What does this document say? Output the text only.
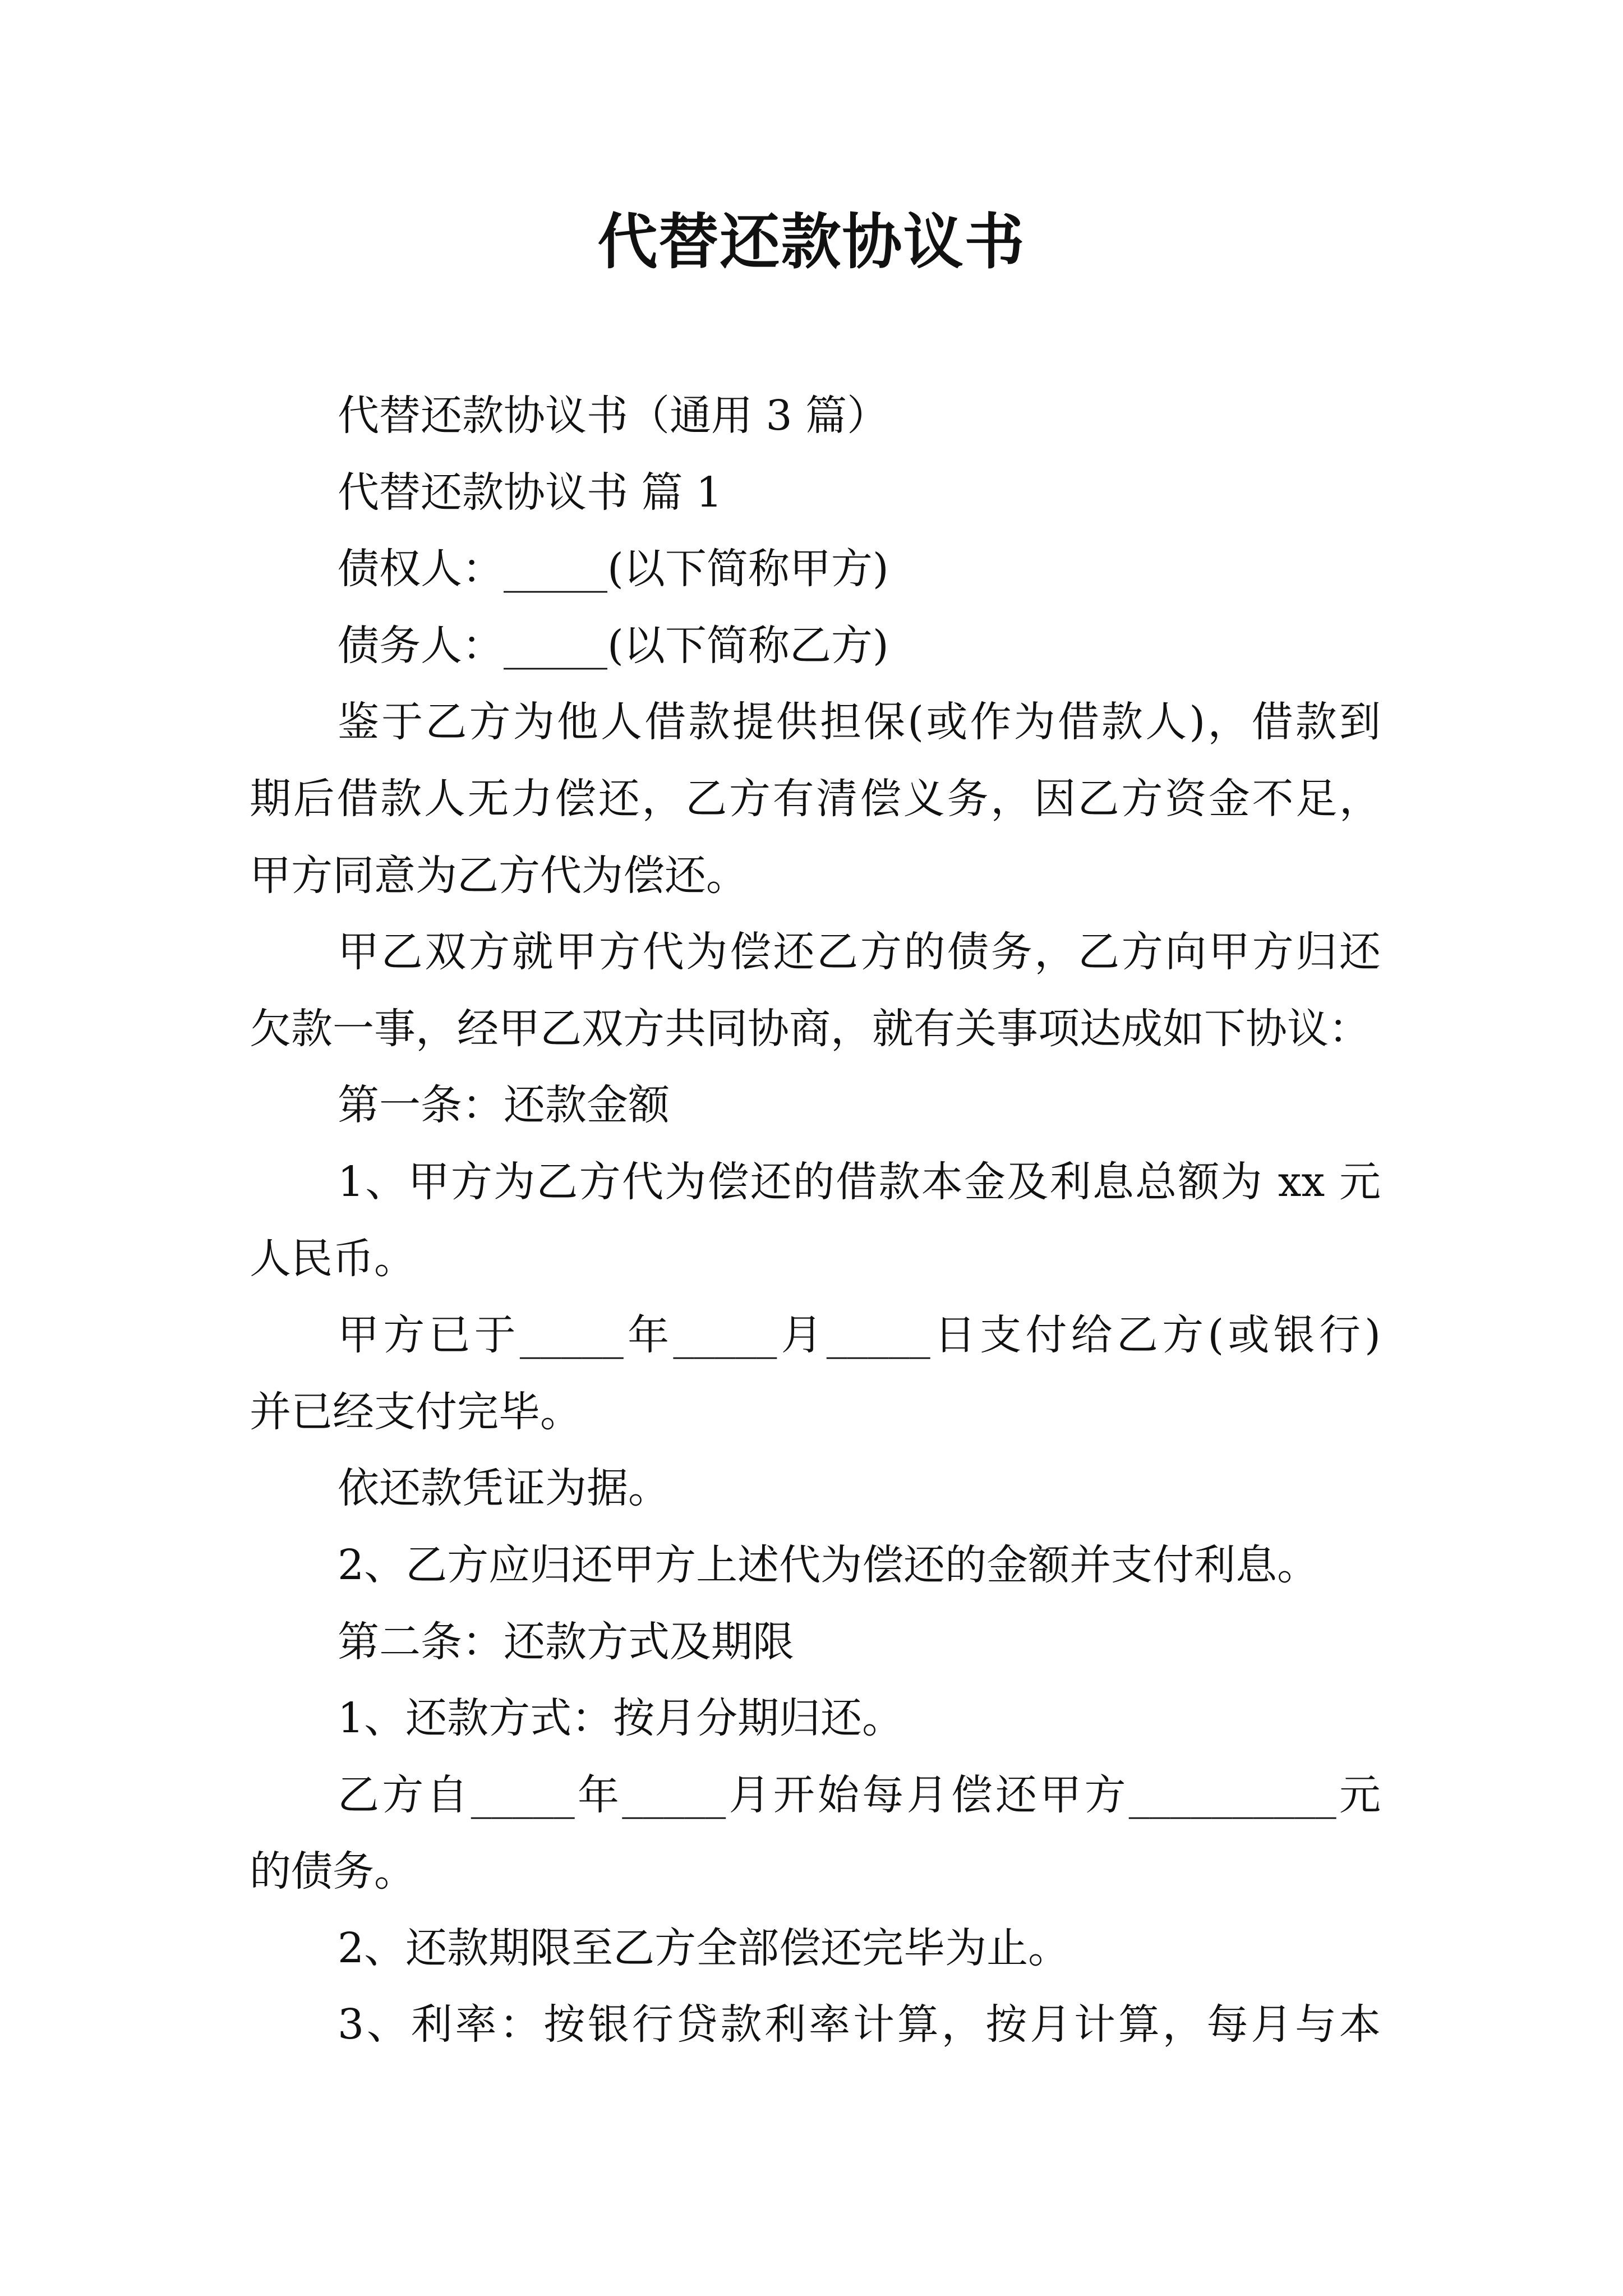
代替还款协议书
代替还款协议书（通用 3 篇）
代替还款协议书 篇 1
债权人：_____(以下简称甲方)
债务人：_____(以下简称乙方)
鉴于乙方为他人借款提供担保(或作为借款人)，借款到
期后借款人无力偿还，乙方有清偿义务，因乙方资金不足，
甲方同意为乙方代为偿还。
甲乙双方就甲方代为偿还乙方的债务，乙方向甲方归还
欠款一事，经甲乙双方共同协商，就有关事项达成如下协议：
第一条：还款金额
1、甲方为乙方代为偿还的借款本金及利息总额为 xx 元
人民币。
甲方已于_____年_____月_____日支付给乙方(或银行)
并已经支付完毕。
依还款凭证为据。
2、乙方应归还甲方上述代为偿还的金额并支付利息。
第二条：还款方式及期限
1、还款方式：按月分期归还。
乙方自_____年_____月开始每月偿还甲方__________元
的债务。
2、还款期限至乙方全部偿还完毕为止。
3、利率：按银行贷款利率计算，按月计算，每月与本
